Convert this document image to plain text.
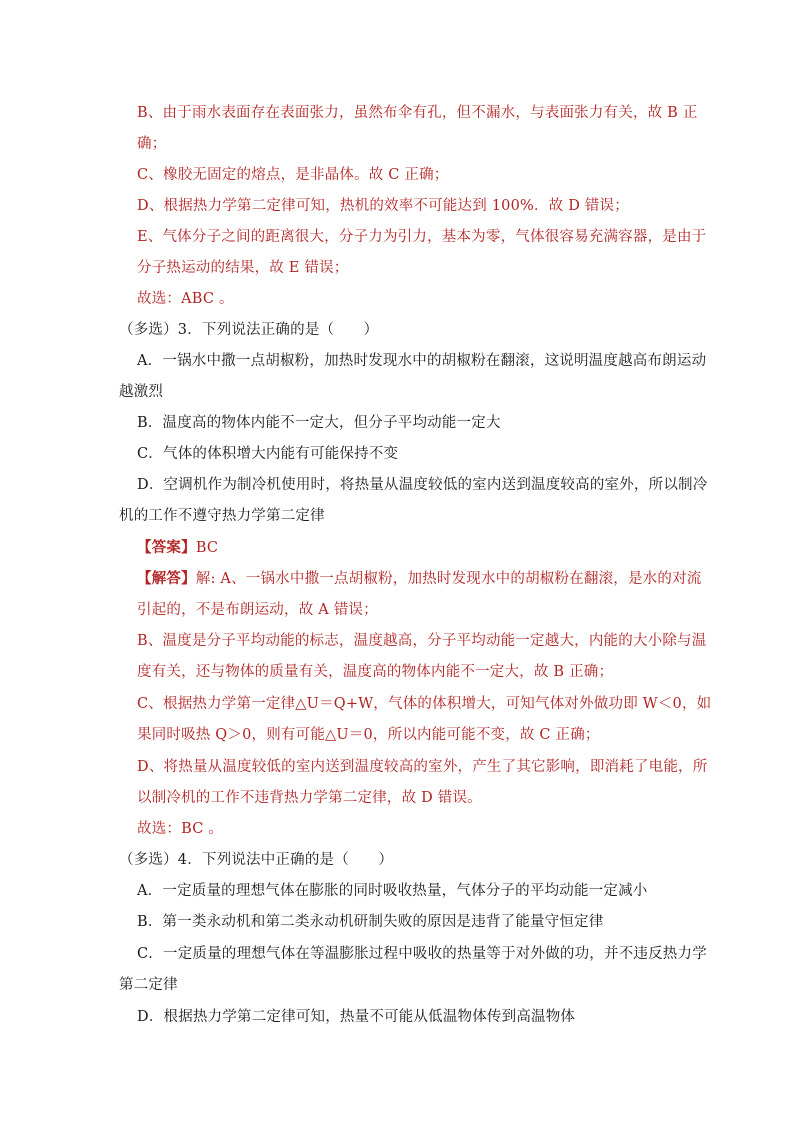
B、由于雨水表面存在表面张力，虽然布伞有孔，但不漏水，与表面张力有关，故 B 正
确；
C、橡胶无固定的熔点，是非晶体。故 C 正确；
D、根据热力学第二定律可知，热机的效率不可能达到 100%．故 D 错误；
E、气体分子之间的距离很大，分子力为引力，基本为零，气体很容易充满容器，是由于
分子热运动的结果，故 E 错误；
故选：ABC 。
（多选）3．下列说法正确的是（　　）
A．一锅水中撒一点胡椒粉，加热时发现水中的胡椒粉在翻滚，这说明温度越高布朗运动
越激烈
B．温度高的物体内能不一定大，但分子平均动能一定大
C．气体的体积增大内能有可能保持不变
D．空调机作为制冷机使用时，将热量从温度较低的室内送到温度较高的室外，所以制冷
机的工作不遵守热力学第二定律
【答案】BC
【解答】解: A、一锅水中撒一点胡椒粉，加热时发现水中的胡椒粉在翻滚，是水的对流
引起的，不是布朗运动，故 A 错误；
B、温度是分子平均动能的标志，温度越高，分子平均动能一定越大，内能的大小除与温
度有关，还与物体的质量有关，温度高的物体内能不一定大，故 B 正确；
C、根据热力学第一定律△U＝Q+W，气体的体积增大，可知气体对外做功即 W＜0，如
果同时吸热 Q＞0，则有可能△U＝0，所以内能可能不变，故 C 正确；
D、将热量从温度较低的室内送到温度较高的室外，产生了其它影响，即消耗了电能，所
以制冷机的工作不违背热力学第二定律，故 D 错误。
故选：BC 。
（多选）4．下列说法中正确的是（　　）
A．一定质量的理想气体在膨胀的同时吸收热量，气体分子的平均动能一定减小
B．第一类永动机和第二类永动机研制失败的原因是违背了能量守恒定律
C．一定质量的理想气体在等温膨胀过程中吸收的热量等于对外做的功，并不违反热力学
第二定律
D．根据热力学第二定律可知，热量不可能从低温物体传到高温物体
